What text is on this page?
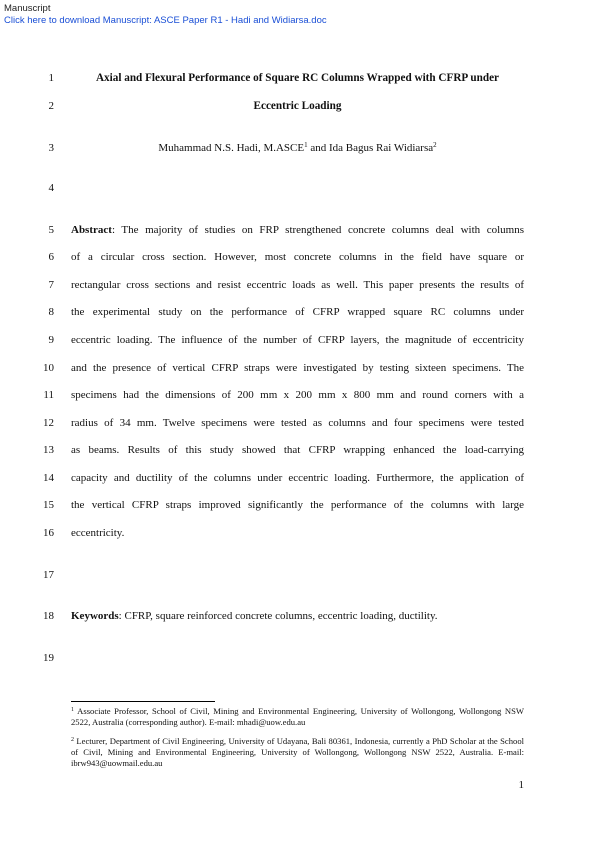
Manuscript
Click here to download Manuscript: ASCE Paper R1 - Hadi and Widiarsa.doc
1
2
3
4
5
6
7
8
9
10
11
12
13
14
15
16
17
18
19
Axial and Flexural Performance of Square RC Columns Wrapped with CFRP under
Eccentric Loading
Muhammad N.S. Hadi, M.ASCE$^1$ and Ida Bagus Rai Widiarsa$^2$
Abstract: The majority of studies on FRP strengthened concrete columns deal with columns
of a circular cross section. However, most concrete columns in the field have square or
rectangular cross sections and resist eccentric loads as well. This paper presents the results of
the experimental study on the performance of CFRP wrapped square RC columns under
eccentric loading. The influence of the number of CFRP layers, the magnitude of eccentricity
and the presence of vertical CFRP straps were investigated by testing sixteen specimens. The
specimens had the dimensions of 200 mm x 200 mm x 800 mm and round corners with a
radius of 34 mm. Twelve specimens were tested as columns and four specimens were tested
as beams. Results of this study showed that CFRP wrapping enhanced the load-carrying
capacity and ductility of the columns under eccentric loading. Furthermore, the application of
the vertical CFRP straps improved significantly the performance of the columns with large
eccentricity.
Keywords: CFRP, square reinforced concrete columns, eccentric loading, ductility.
$^1$ Associate Professor, School of Civil, Mining and Environmental Engineering, University of Wollongong, Wollongong NSW 2522, Australia (corresponding author). E-mail: mhadi@uow.edu.au
$^2$ Lecturer, Department of Civil Engineering, University of Udayana, Bali 80361, Indonesia, currently a PhD Scholar at the School of Civil, Mining and Environmental Engineering, University of Wollongong, Wollongong NSW 2522, Australia. E-mail: ibrw943@uowmail.edu.au
1
